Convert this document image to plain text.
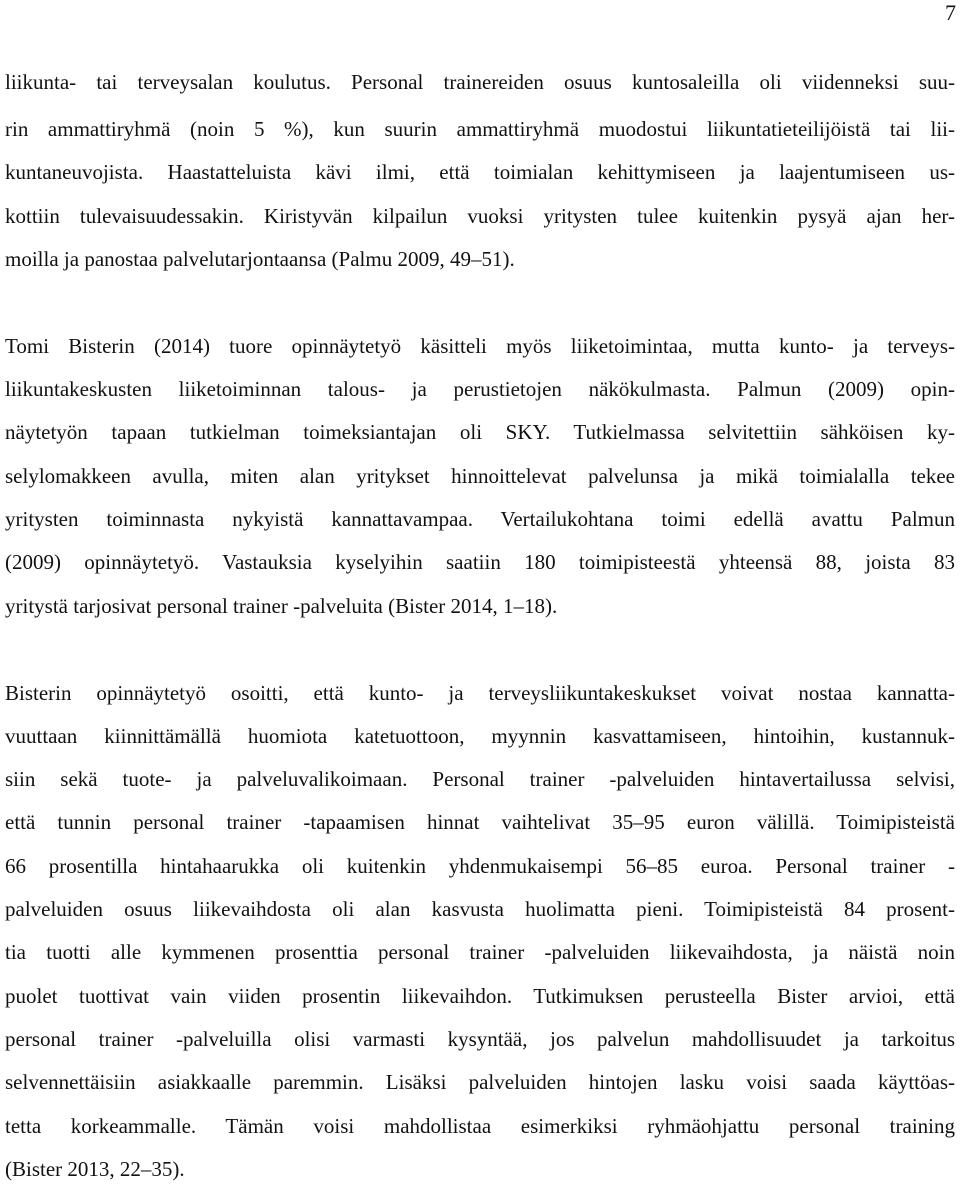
7
liikunta- tai terveysalan koulutus. Personal trainereiden osuus kuntosaleilla oli viidenneksi suu-
rin ammattiryhmä (noin 5 %), kun suurin ammattiryhmä muodostui liikuntatieteilijöistä tai lii-
kuntaneuvojista. Haastatteluista kävi ilmi, että toimialan kehittymiseen ja laajentumiseen us-
kottiin tulevaisuudessakin. Kiristyvän kilpailun vuoksi yritysten tulee kuitenkin pysyä ajan her-
moilla ja panostaa palvelutarjontaansa (Palmu 2009, 49–51).
Tomi Bisterin (2014) tuore opinnäytetyö käsitteli myös liiketoimintaa, mutta kunto- ja terveys-
liikuntakeskusten liiketoiminnan talous- ja perustietojen näkökulmasta. Palmun (2009) opin-
näytetyön tapaan tutkielman toimeksiantajan oli SKY. Tutkielmassa selvitettiin sähköisen ky-
selylomakkeen avulla, miten alan yritykset hinnoittelevat palvelunsa ja mikä toimialalla tekee
yritysten toiminnasta nykyistä kannattavampaa. Vertailukohtana toimi edellä avattu Palmun
(2009) opinnäytetyö. Vastauksia kyselyihin saatiin 180 toimipisteestä yhteensä 88, joista 83
yritystä tarjosivat personal trainer -palveluita (Bister 2014, 1–18).
Bisterin opinnäytetyö osoitti, että kunto- ja terveysliikuntakeskukset voivat nostaa kannatta-
vuuttaan kiinnittämällä huomiota katetuottoon, myynnin kasvattamiseen, hintoihin, kustannuk-
siin sekä tuote- ja palveluvalikoimaan. Personal trainer -palveluiden hintavertailussa selvisi,
että tunnin personal trainer -tapaamisen hinnat vaihtelivat 35–95 euron välillä. Toimipisteistä
66 prosentilla hintahaarukka oli kuitenkin yhdenmukaisempi 56–85 euroa. Personal trainer -
palveluiden osuus liikevaihdosta oli alan kasvusta huolimatta pieni. Toimipisteistä 84 prosent-
tia tuotti alle kymmenen prosenttia personal trainer -palveluiden liikevaihdosta, ja näistä noin
puolet tuottivat vain viiden prosentin liikevaihdon. Tutkimuksen perusteella Bister arvioi, että
personal trainer -palveluilla olisi varmasti kysyntää, jos palvelun mahdollisuudet ja tarkoitus
selvennettäisiin asiakkaalle paremmin. Lisäksi palveluiden hintojen lasku voisi saada käyttöas-
tetta korkeammalle. Tämän voisi mahdollistaa esimerkiksi ryhmäohjattu personal training
(Bister 2013, 22–35).
